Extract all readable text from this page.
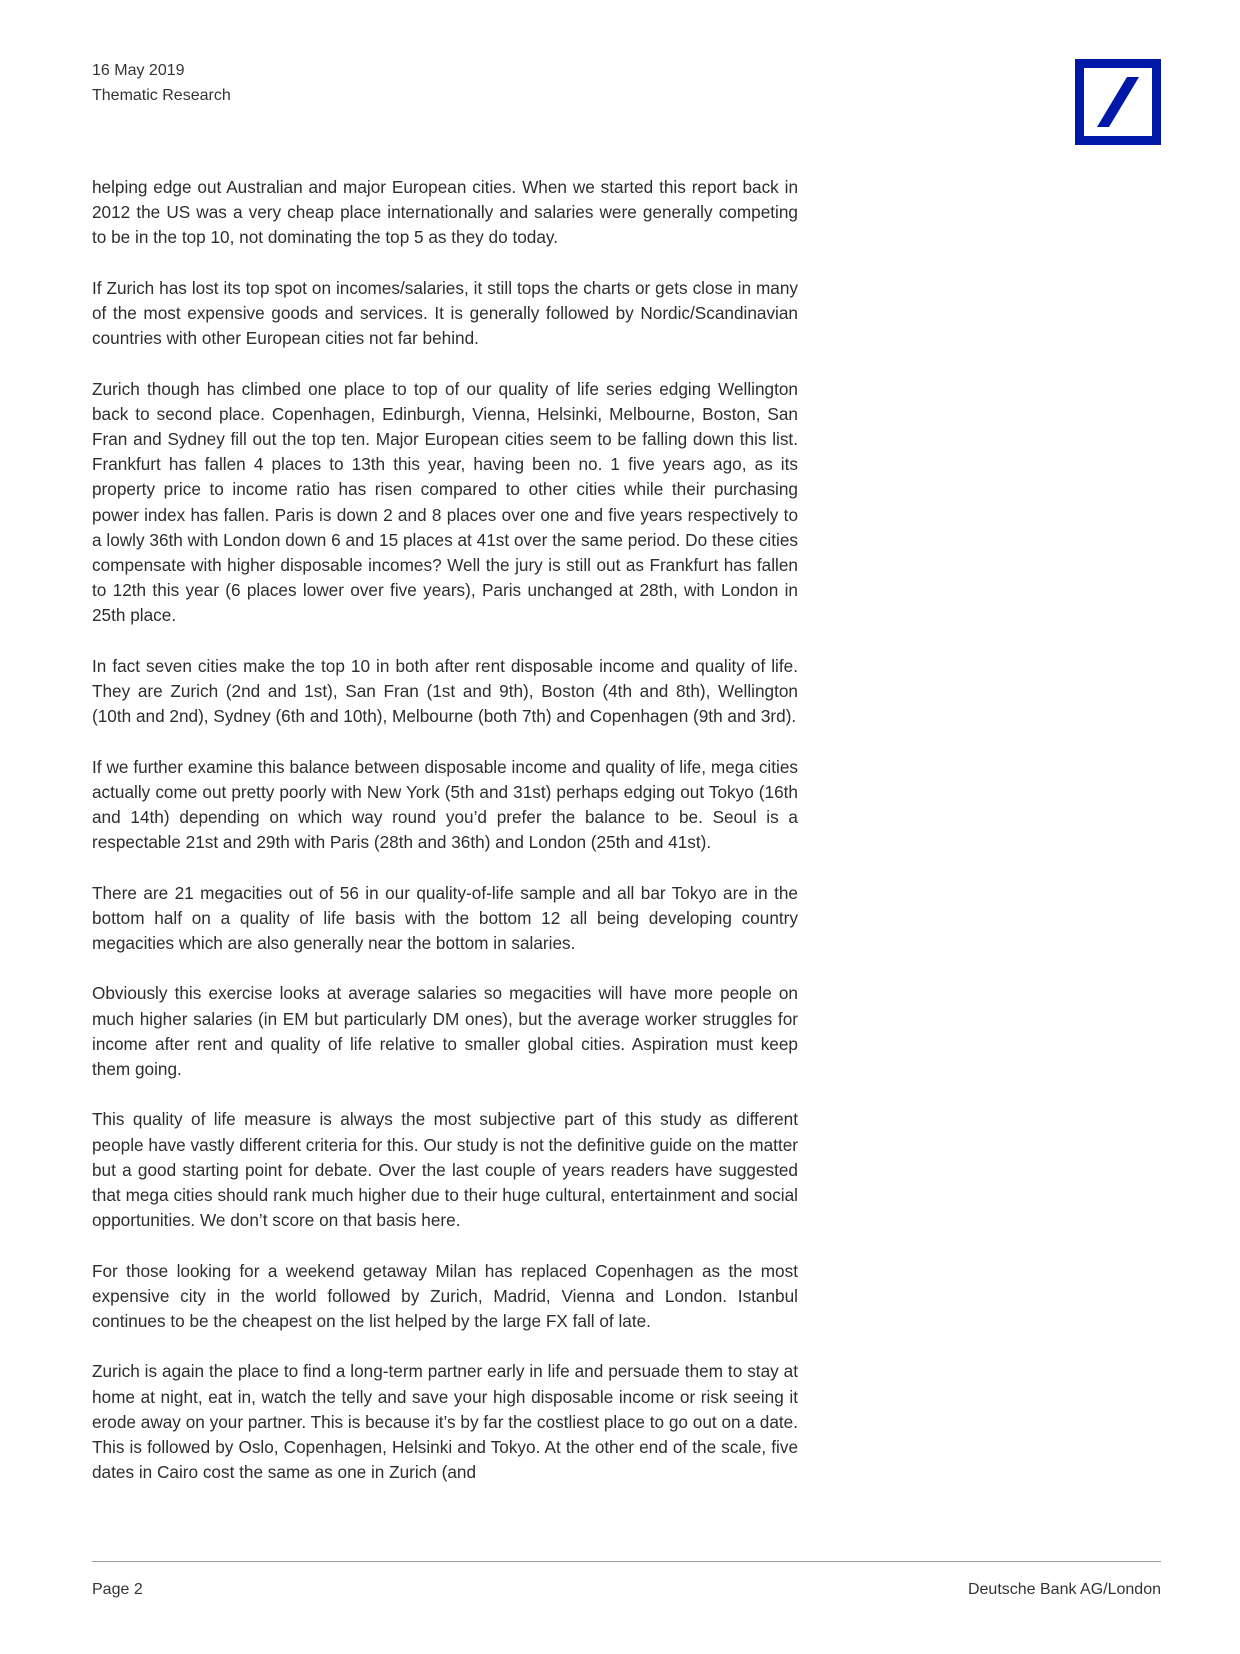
16 May 2019
Thematic Research

helping edge out Australian and major European cities. When we started this report back in 2012 the US was a very cheap place internationally and salaries were generally competing to be in the top 10, not dominating the top 5 as they do today.

If Zurich has lost its top spot on incomes/salaries, it still tops the charts or gets close in many of the most expensive goods and services. It is generally followed by Nordic/Scandinavian countries with other European cities not far behind.

Zurich though has climbed one place to top of our quality of life series edging Wellington back to second place. Copenhagen, Edinburgh, Vienna, Helsinki, Melbourne, Boston, San Fran and Sydney fill out the top ten. Major European cities seem to be falling down this list. Frankfurt has fallen 4 places to 13th this year, having been no. 1 five years ago, as its property price to income ratio has risen compared to other cities while their purchasing power index has fallen. Paris is down 2 and 8 places over one and five years respectively to a lowly 36th with London down 6 and 15 places at 41st over the same period. Do these cities compensate with higher disposable incomes? Well the jury is still out as Frankfurt has fallen to 12th this year (6 places lower over five years), Paris unchanged at 28th, with London in 25th place.

In fact seven cities make the top 10 in both after rent disposable income and quality of life. They are Zurich (2nd and 1st), San Fran (1st and 9th), Boston (4th and 8th), Wellington (10th and 2nd), Sydney (6th and 10th), Melbourne (both 7th) and Copenhagen (9th and 3rd).

If we further examine this balance between disposable income and quality of life, mega cities actually come out pretty poorly with New York (5th and 31st) perhaps edging out Tokyo (16th and 14th) depending on which way round you’d prefer the balance to be. Seoul is a respectable 21st and 29th with Paris (28th and 36th) and London (25th and 41st).

There are 21 megacities out of 56 in our quality-of-life sample and all bar Tokyo are in the bottom half on a quality of life basis with the bottom 12 all being developing country megacities which are also generally near the bottom in salaries.

Obviously this exercise looks at average salaries so megacities will have more people on much higher salaries (in EM but particularly DM ones), but the average worker struggles for income after rent and quality of life relative to smaller global cities. Aspiration must keep them going.

This quality of life measure is always the most subjective part of this study as different people have vastly different criteria for this. Our study is not the definitive guide on the matter but a good starting point for debate. Over the last couple of years readers have suggested that mega cities should rank much higher due to their huge cultural, entertainment and social opportunities. We don’t score on that basis here.

For those looking for a weekend getaway Milan has replaced Copenhagen as the most expensive city in the world followed by Zurich, Madrid, Vienna and London. Istanbul continues to be the cheapest on the list helped by the large FX fall of late.

Zurich is again the place to find a long-term partner early in life and persuade them to stay at home at night, eat in, watch the telly and save your high disposable income or risk seeing it erode away on your partner. This is because it’s by far the costliest place to go out on a date. This is followed by Oslo, Copenhagen, Helsinki and Tokyo. At the other end of the scale, five dates in Cairo cost the same as one in Zurich (and

Page 2	Deutsche Bank AG/London
